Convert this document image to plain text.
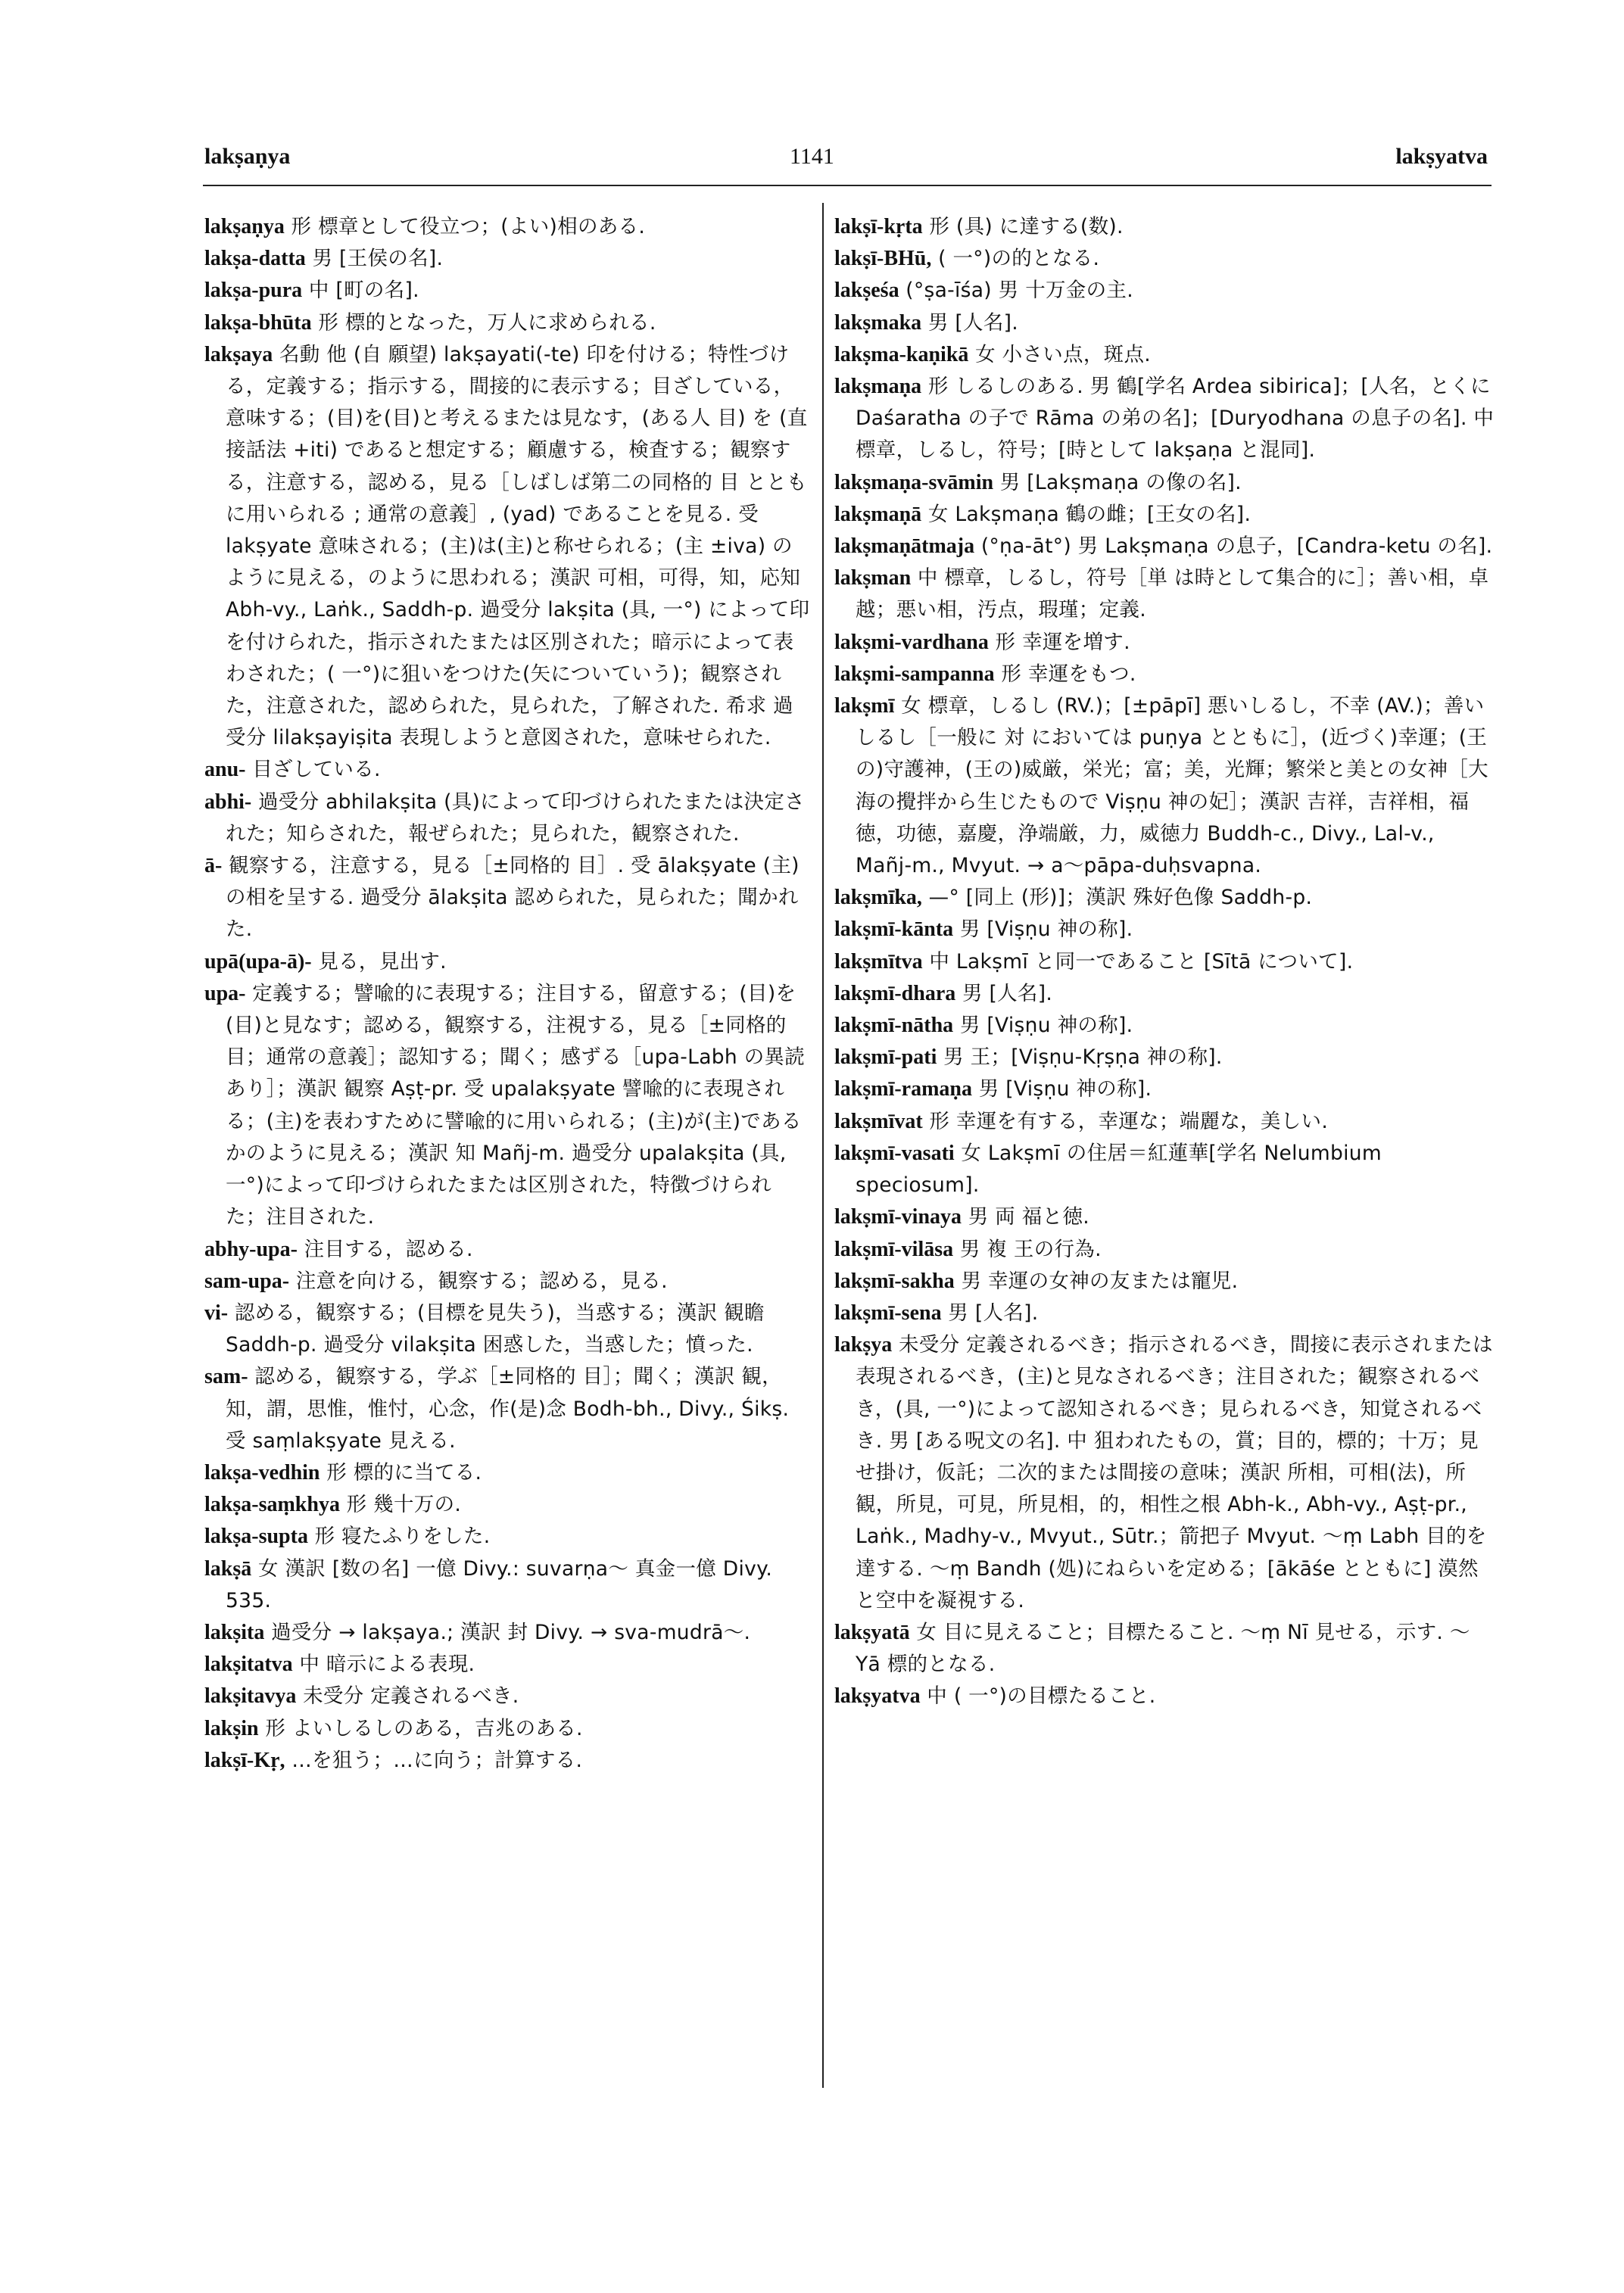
lakṣaṇya	1141	lakṣyatva
lakṣaṇya 形 標章として役立つ；(よい)相のある.
lakṣa-datta 男 [王侯の名].
lakṣa-pura 中 [町の名].
lakṣa-bhūta 形 標的となった，万人に求められる.
lakṣaya 名動 他 (自 願望) lakṣayati(-te) 印を付ける；特性づける，定義する；指示する，間接的に表示する；目ざしている，意味する；(目)を(目)と考えるまたは見なす，(ある人 目) を (直接話法 +iti) であると想定する；顧慮する，検査する；観察する，注意する，認める，見る［しばしば第二の同格的 目 とともに用いられる ; 通常の意義］, (yad) であることを見る. 受 lakṣyate 意味される；(主)は(主)と称せられる；(主 ±iva) のように見える，のように思われる；漢訳 可相，可得，知，応知 Abh-vy., Laṅk., Saddh-p. 過受分 lakṣita (具, 一°) によって印を付けられた，指示されたまたは区別された；暗示によって表わされた；( 一°)に狙いをつけた(矢についていう)；観察された，注意された，認められた，見られた，了解された. 希求 過受分 lilakṣayiṣita 表現しようと意図された，意味せられた.
anu- 目ざしている.
abhi- 過受分 abhilakṣita (具)によって印づけられたまたは決定された；知らされた，報ぜられた；見られた，観察された.
ā- 観察する，注意する，見る［±同格的 目］. 受 ālakṣyate (主)の相を呈する. 過受分 ālakṣita 認められた，見られた；聞かれた.
upā(upa-ā)- 見る，見出す.
upa- 定義する；譬喩的に表現する；注目する，留意する；(目)を(目)と見なす；認める，観察する，注視する，見る［±同格的 目；通常の意義］；認知する；聞く；感ずる［upa-Labh の異読あり］；漢訳 観察 Aṣṭ-pr. 受 upalakṣyate 譬喩的に表現される；(主)を表わすために譬喩的に用いられる；(主)が(主)であるかのように見える；漢訳 知 Mañj-m. 過受分 upalakṣita (具, 一°)によって印づけられたまたは区別された，特徴づけられた；注目された.
abhy-upa- 注目する，認める.
sam-upa- 注意を向ける，観察する；認める，見る.
vi- 認める，観察する；(目標を見失う)，当惑する；漢訳 観瞻 Saddh-p. 過受分 vilakṣita 困惑した，当惑した；憤った.
sam- 認める，観察する，学ぶ［±同格的 目］；聞く；漢訳 観，知，謂，思惟，惟忖，心念，作(是)念 Bodh-bh., Divy., Śikṣ. 受 saṃlakṣyate 見える.
lakṣa-vedhin 形 標的に当てる.
lakṣa-saṃkhya 形 幾十万の.
lakṣa-supta 形 寝たふりをした.
lakṣā 女 漢訳 [数の名] 一億 Divy.: suvarṇa～ 真金一億 Divy. 535.
lakṣita 過受分 → lakṣaya.; 漢訳 封 Divy. → sva-mudrā～.
lakṣitatva 中 暗示による表現.
lakṣitavya 未受分 定義されるべき.
lakṣin 形 よいしるしのある，吉兆のある.
lakṣī-Kṛ, …を狙う；…に向う；計算する.
lakṣī-kṛta 形 (具) に達する(数).
lakṣī-BHū, ( 一°)の的となる.
lakṣeśa (°ṣa-īśa) 男 十万金の主.
lakṣmaka 男 [人名].
lakṣma-kaṇikā 女 小さい点，斑点.
lakṣmaṇa 形 しるしのある. 男 鶴[学名 Ardea sibirica]；[人名，とくに Daśaratha の子で Rāma の弟の名]；[Duryodhana の息子の名]. 中 標章，しるし，符号；[時として lakṣaṇa と混同].
lakṣmaṇa-svāmin 男 [Lakṣmaṇa の像の名].
lakṣmaṇā 女 Lakṣmaṇa 鶴の雌；[王女の名].
lakṣmaṇātmaja (°ṇa-āt°) 男 Lakṣmaṇa の息子，[Candra-ketu の名].
lakṣman 中 標章，しるし，符号［単 は時として集合的に］；善い相，卓越；悪い相，汚点，瑕瑾；定義.
lakṣmi-vardhana 形 幸運を増す.
lakṣmi-sampanna 形 幸運をもつ.
lakṣmī 女 標章，しるし (RV.)；[±pāpī] 悪いしるし，不幸 (AV.)；善いしるし［一般に 対 においては puṇya とともに］，(近づく)幸運；(王の)守護神，(王の)威厳，栄光；富；美，光輝；繁栄と美との女神［大海の攪拌から生じたもので Viṣṇu 神の妃］；漢訳 吉祥，吉祥相，福徳，功徳，嘉慶，浄端厳，力，威徳力 Buddh-c., Divy., Lal-v., Mañj-m., Mvyut. → a～pāpa-duḥsvapna.
lakṣmīka, —° [同上 (形)]；漢訳 殊好色像 Saddh-p.
lakṣmī-kānta 男 [Viṣṇu 神の称].
lakṣmītva 中 Lakṣmī と同一であること [Sītā について].
lakṣmī-dhara 男 [人名].
lakṣmī-nātha 男 [Viṣṇu 神の称].
lakṣmī-pati 男 王；[Viṣṇu-Kṛṣṇa 神の称].
lakṣmī-ramaṇa 男 [Viṣṇu 神の称].
lakṣmīvat 形 幸運を有する，幸運な；端麗な，美しい.
lakṣmī-vasati 女 Lakṣmī の住居＝紅蓮華[学名 Nelumbium speciosum].
lakṣmī-vinaya 男 両 福と徳.
lakṣmī-vilāsa 男 複 王の行為.
lakṣmī-sakha 男 幸運の女神の友または寵児.
lakṣmī-sena 男 [人名].
lakṣya 未受分 定義されるべき；指示されるべき，間接に表示されまたは表現されるべき，(主)と見なされるべき；注目された；観察されるべき，(具, 一°)によって認知されるべき；見られるべき，知覚されるべき. 男 [ある呪文の名]. 中 狙われたもの，賞；目的，標的；十万；見せ掛け，仮託；二次的または間接の意味；漢訳 所相，可相(法)，所観，所見，可見，所見相，的，相性之根 Abh-k., Abh-vy., Aṣṭ-pr., Laṅk., Madhy-v., Mvyut., Sūtr.；箭把子 Mvyut. ～ṃ Labh 目的を達する. ～ṃ Bandh (処)にねらいを定める；[ākāśe とともに] 漠然と空中を凝視する.
lakṣyatā 女 目に見えること；目標たること. ～ṃ Nī 見せる，示す. ～ Yā 標的となる.
lakṣyatva 中 ( 一°)の目標たること.
